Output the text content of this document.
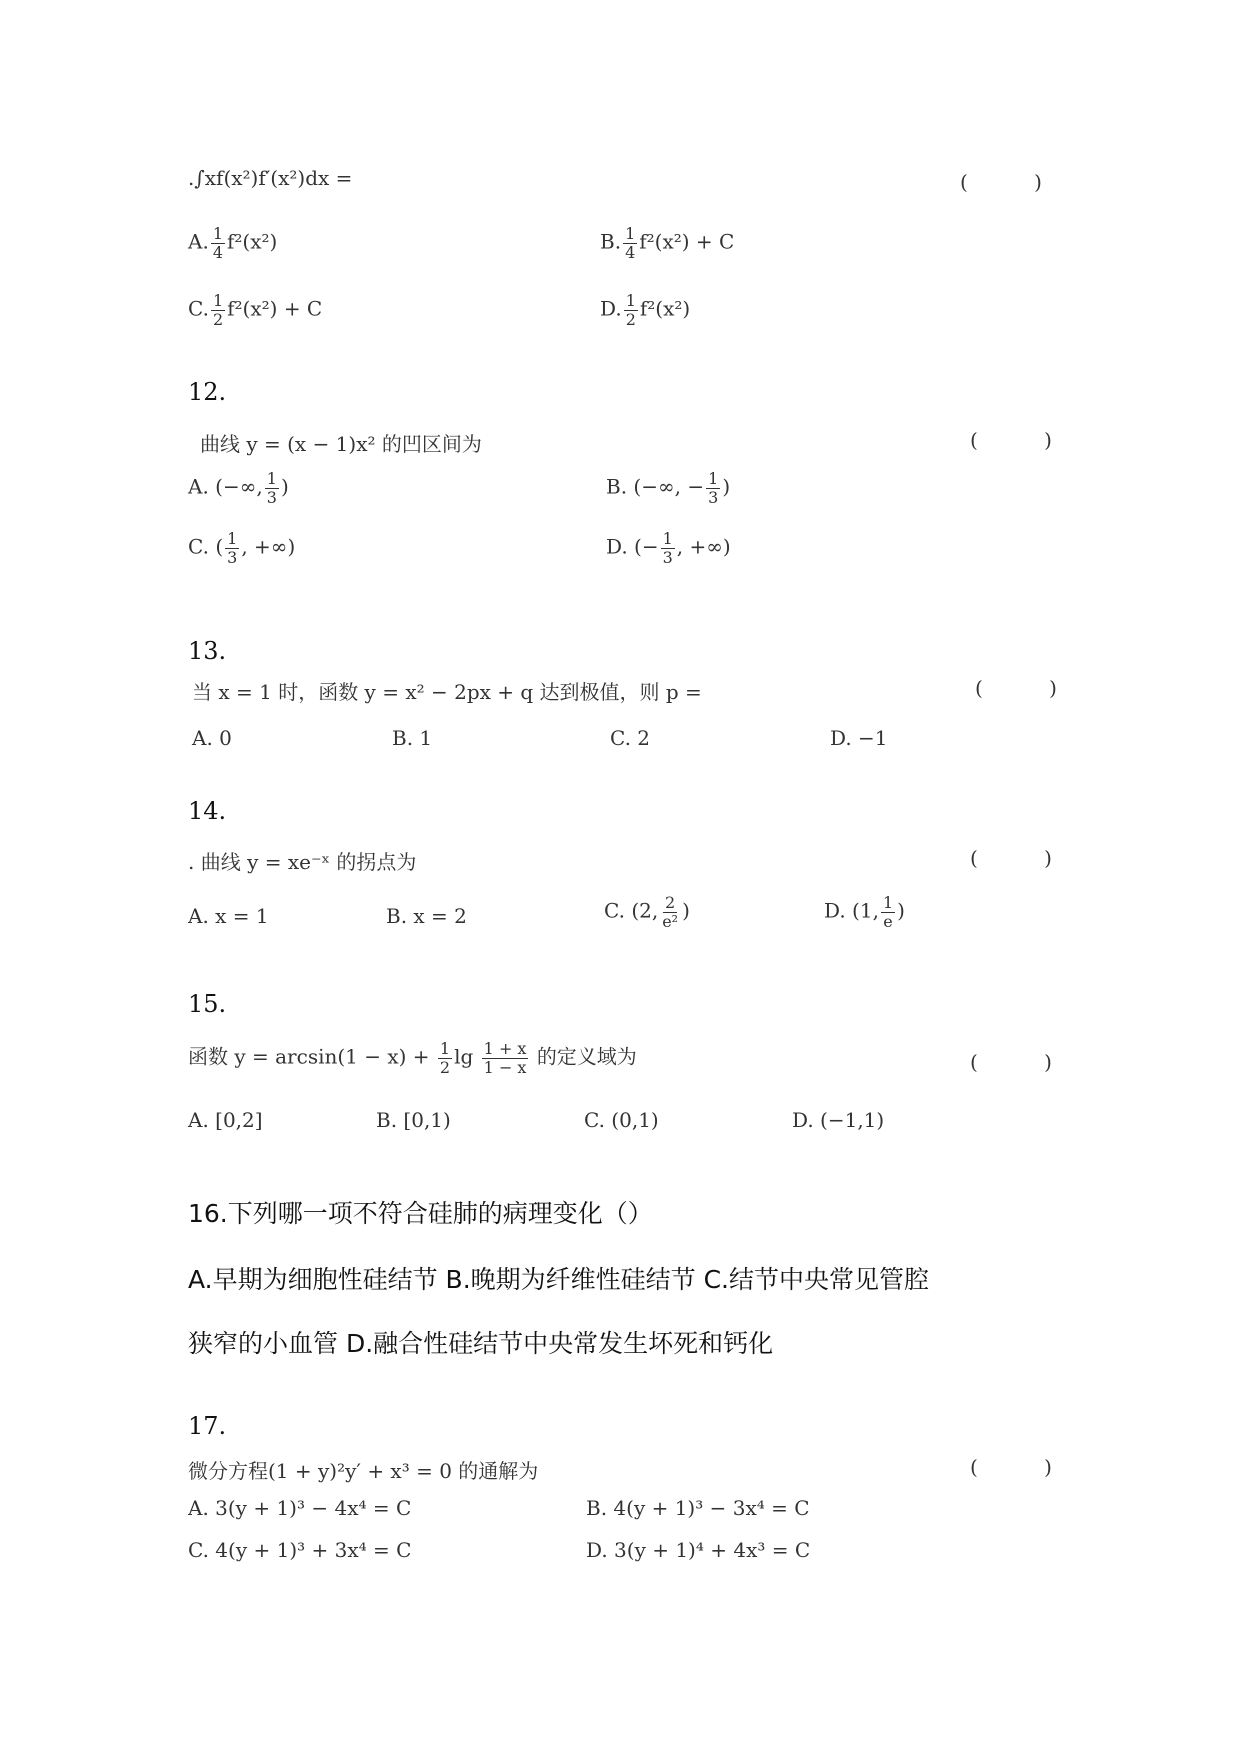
.∫xf(x²)f′(x²)dx =	( )
A. $\frac{1}{4} f^2(x^2)$	B. $\frac{1}{4} f^2(x^2) + C$
C. $\frac{1}{2} f^2(x^2) + C$	D. $\frac{1}{2} f^2(x^2)$
12.
曲线 y = (x − 1)x² 的凹区间为	( )
A. (−∞, $\frac{1}{3}$ )	B. (−∞, − $\frac{1}{3}$ )
C. ( $\frac{1}{3}$ , +∞)	D. (− $\frac{1}{3}$ , +∞)
13.
当 x = 1 时，函数 y = x² − 2px + q 达到极值，则 p =	( )
A. 0	B. 1	C. 2	D. −1
14.
. 曲线 y = xe⁻ˣ 的拐点为	( )
A. x = 1	B. x = 2	C. (2, $\frac{2}{\text{e²}}$ )	D. (1, $\frac{1}{e}$ )
15.
函数 $y = \arcsin(1 - x) + \frac{1}{2}$ $\lg \frac{1 + x}{1 - x}$ 的定义域为	( )
A. [0,2]	B. [0,1)	C. (0,1)	D. (−1,1)
16.下列哪一项不符合硅肺的病理变化（）
A.早期为细胞性硅结节 B.晚期为纤维性硅结节 C.结节中央常见管腔
狭窄的小血管 D.融合性硅结节中央常发生坏死和钙化
17.
微分方程(1 + y)²y′ + x³ = 0 的通解为	( )
A. 3(y + 1)³ − 4x⁴ = C	B. 4(y + 1)³ − 3x⁴ = C
C. 4(y + 1)³ + 3x⁴ = C	D. 3(y + 1)⁴ + 4x³ = C
